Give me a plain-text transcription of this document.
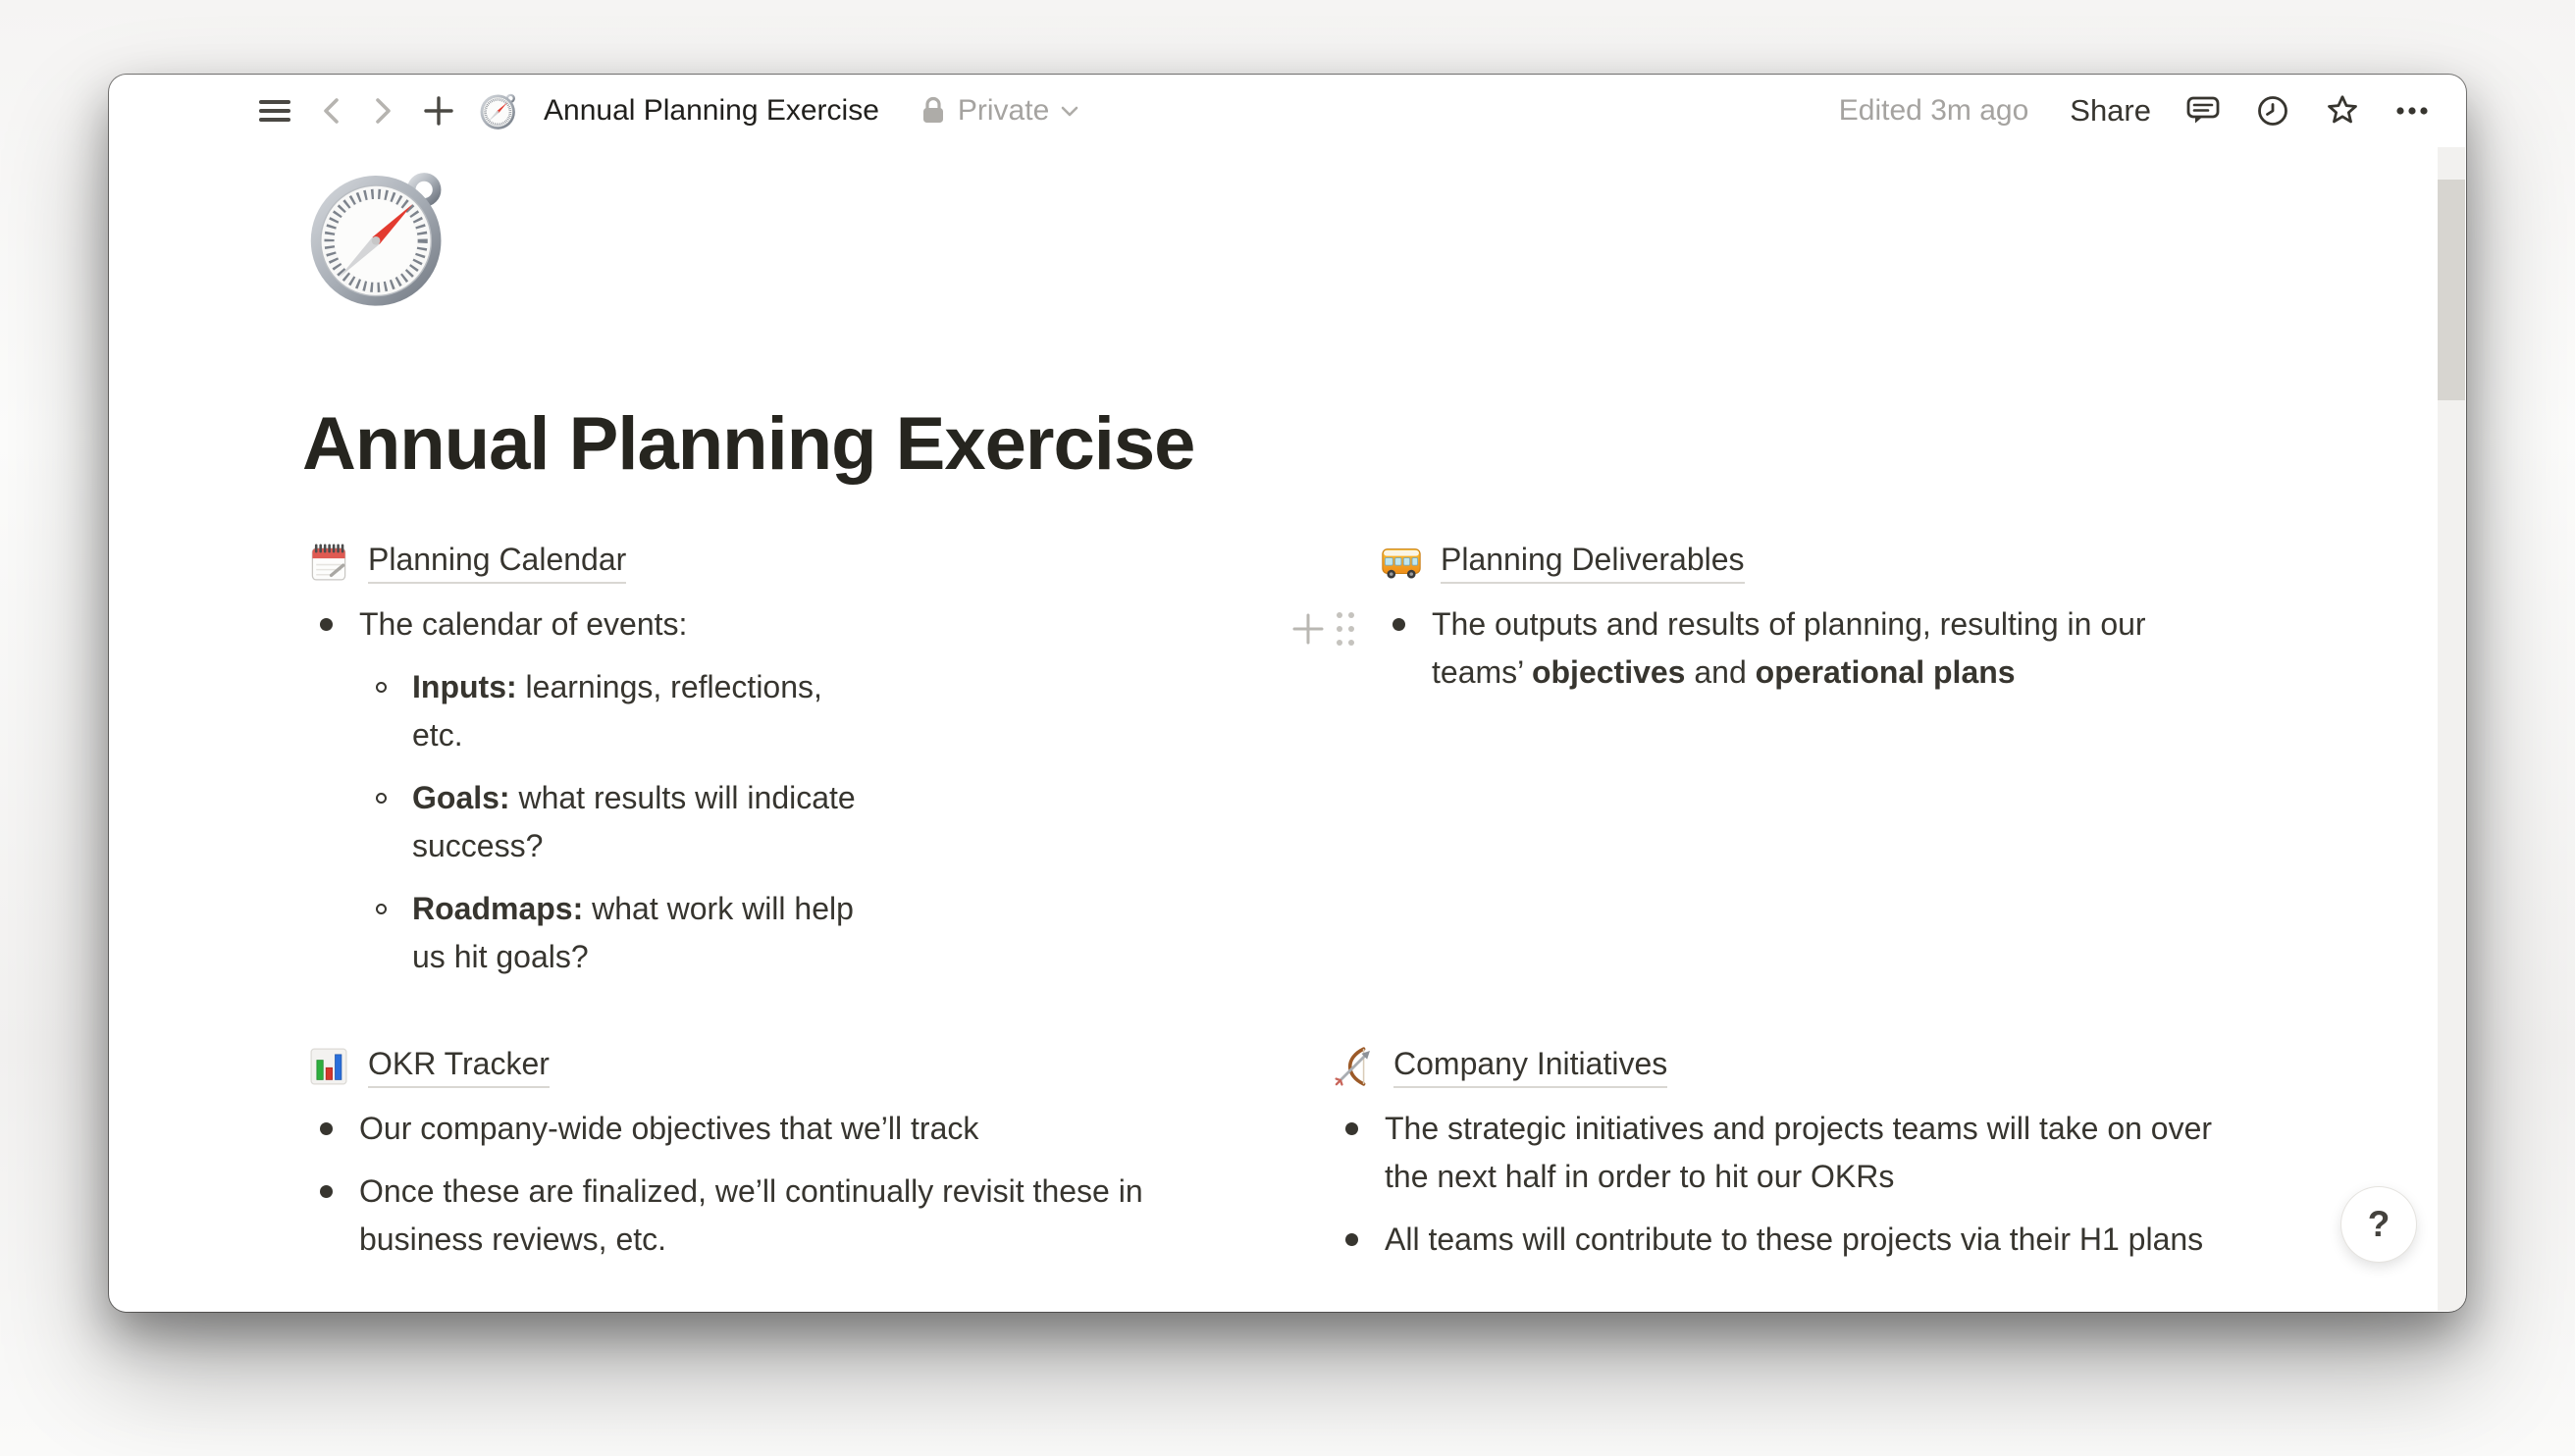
Annual Planning Exercise	Private	Edited 3m ago Share
Annual Planning Exercise
Planning Calendar
The calendar of events:
Inputs: learnings, reflections,
etc.
Goals: what results will indicate
success?
Roadmaps: what work will help
us hit goals?
Planning Deliverables
The outputs and results of planning, resulting in our
teams’ objectives and operational plans
OKR Tracker
Our company-wide objectives that we’ll track
Once these are finalized, we’ll continually revisit these in
business reviews, etc.
Company Initiatives
The strategic initiatives and projects teams will take on over
the next half in order to hit our OKRs
All teams will contribute to these projects via their H1 plans	?
